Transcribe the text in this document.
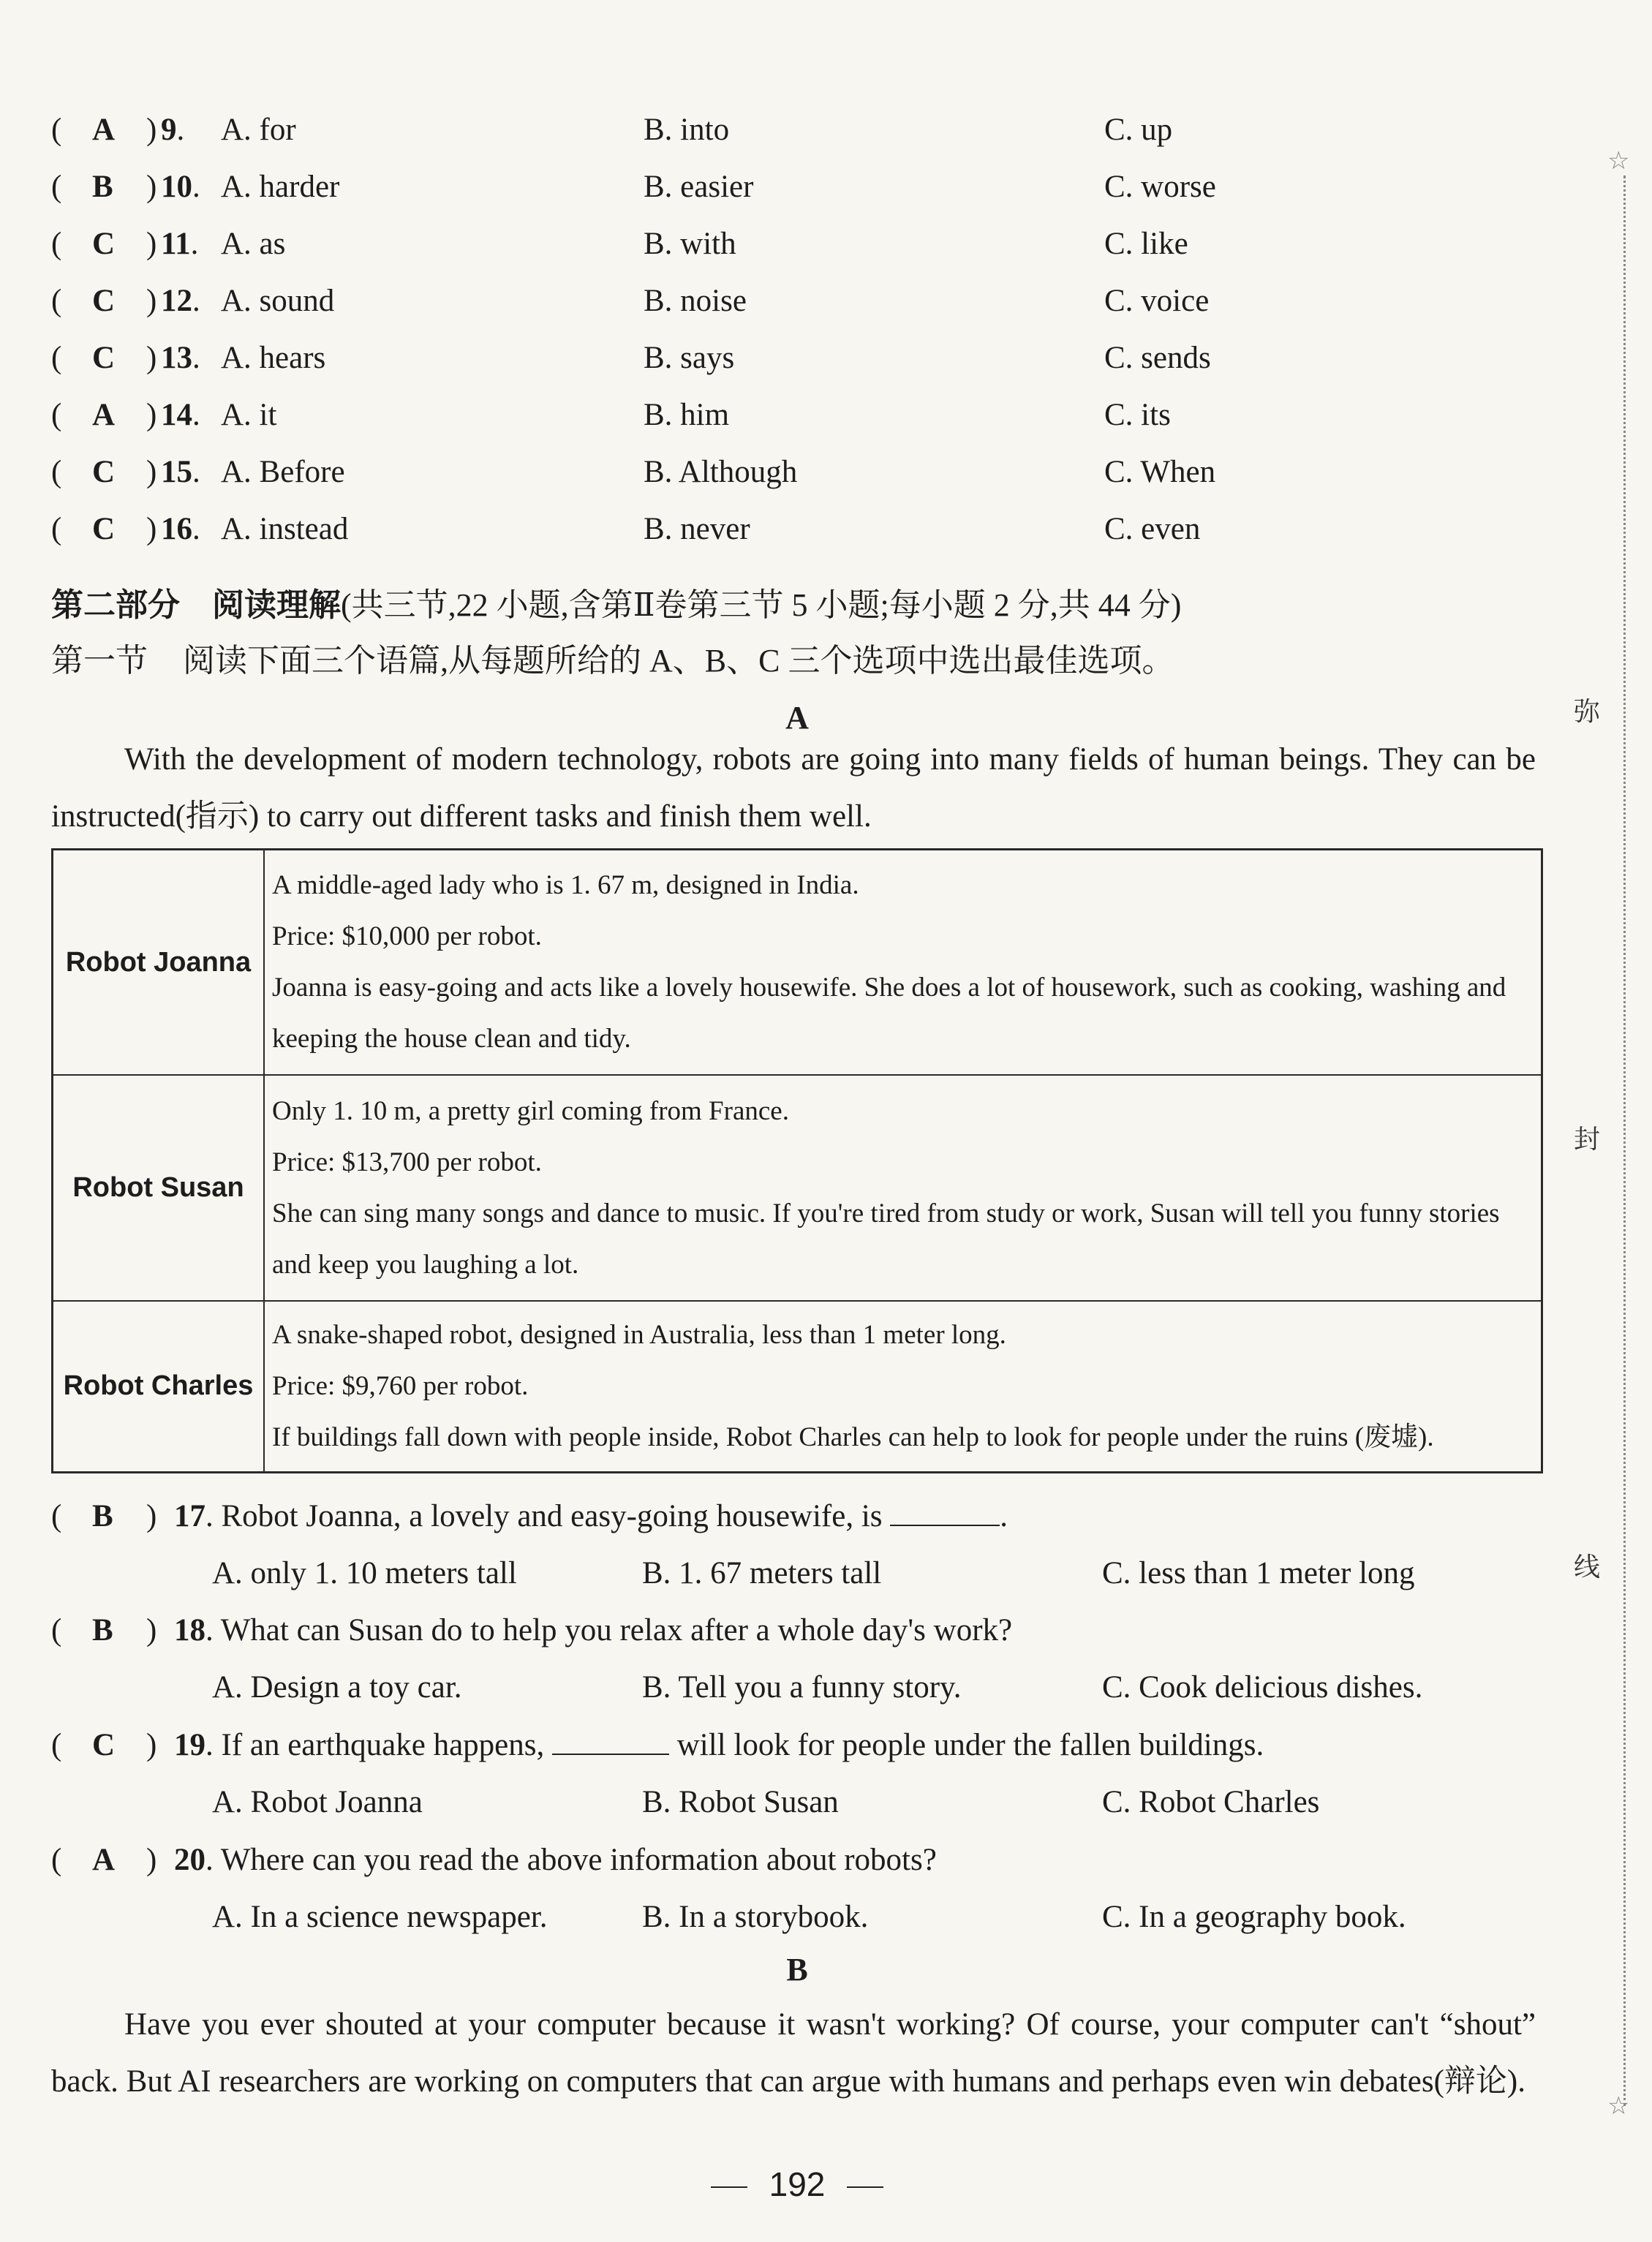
( A ) 9. A. for	B. into	C. up
( B ) 10. A. harder	B. easier	C. worse
( C ) 11. A. as	B. with	C. like
( C ) 12. A. sound	B. noise	C. voice
( C ) 13. A. hears	B. says	C. sends
( A ) 14. A. it	B. him	C. its
( C ) 15. A. Before	B. Although	C. When
( C ) 16. A. instead	B. never	C. even
第二部分　阅读理解(共三节,22 小题,含第Ⅱ卷第三节 5 小题;每小题 2 分,共 44 分)
第一节 阅读下面三个语篇,从每题所给的 A、B、C 三个选项中选出最佳选项。
A
With the development of modern technology, robots are going into many fields of human beings. They can be instructed(指示) to carry out different tasks and finish them well.
Robot Joanna	A middle-aged lady who is 1. 67 m, designed in India.
Price: $10,000 per robot.
Joanna is easy-going and acts like a lovely housewife. She does a lot of housework, such as cooking, washing and keeping the house clean and tidy.

Robot Susan	Only 1. 10 m, a pretty girl coming from France.
Price: $13,700 per robot.
She can sing many songs and dance to music. If you're tired from study or work, Susan will tell you funny stories and keep you laughing a lot.

Robot Charles	A snake-shaped robot, designed in Australia, less than 1 meter long.
Price: $9,760 per robot.
If buildings fall down with people inside, Robot Charles can help to look for people under the ruins (废墟).
( B ) 17. Robot Joanna, a lovely and easy-going housewife, is	.
A. only 1. 10 meters tall	B. 1. 67 meters tall	C. less than 1 meter long
( B ) 18. What can Susan do to help you relax after a whole day's work?
A. Design a toy car.	B. Tell you a funny story.	C. Cook delicious dishes.
( C ) 19. If an earthquake happens,	will look for people under the fallen buildings.
A. Robot Joanna	B. Robot Susan	C. Robot Charles
( A ) 20. Where can you read the above information about robots?
A. In a science newspaper.	B. In a storybook.	C. In a geography book.
B
Have you ever shouted at your computer because it wasn't working? Of course, your computer can't “shout” back. But AI researchers are working on computers that can argue with humans and perhaps even win debates(辩论).
192
☆
☆
弥
封
线
